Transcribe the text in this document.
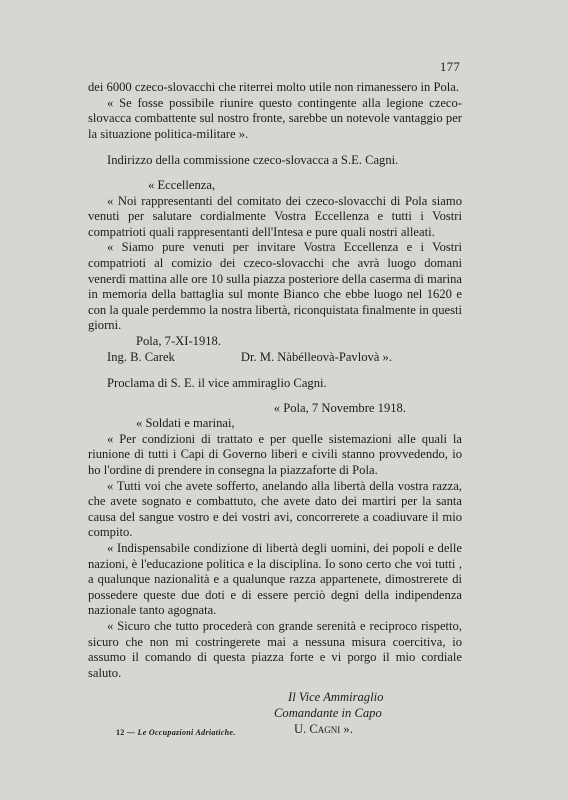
177

dei 6000 czeco-slovacchi che riterrei molto utile non rimanessero in Pola.

« Se fosse possibile riunire questo contingente alla legione czeco-slovacca combattente sul nostro fronte, sarebbe un notevole vantaggio per la situazione politica-militare ».

Indirizzo della commissione czeco-slovacca a S.E. Cagni.

« Eccellenza,

« Noi rappresentanti del comitato dei czeco-slovacchi di Pola siamo venuti per salutare cordialmente Vostra Eccellenza e tutti i Vostri compatrioti quali rappresentanti dell'Intesa e pure quali nostri alleati.

« Siamo pure venuti per invitare Vostra Eccellenza e i Vostri compatrioti al comizio dei czeco-slovacchi che avrà luogo domani venerdì mattina alle ore 10 sulla piazza posteriore della caserma di marina in memoria della battaglia sul monte Bianco che ebbe luogo nel 1620 e con la quale perdemmo la nostra libertà, riconquistata finalmente in questi giorni.

Pola, 7-XI-1918.

Ing. B. Carek	Dr. M. Nàbélleovà-Pavlovà ».

Proclama di S. E. il vice ammiraglio Cagni.

« Pola, 7 Novembre 1918.

« Soldati e marinai,

« Per condizioni di trattato e per quelle sistemazioni alle quali la riunione di tutti i Capi di Governo liberi e civili stanno provvedendo, io ho l'ordine di prendere in consegna la piazzaforte di Pola.

« Tutti voi che avete sofferto, anelando alla libertà della vostra razza, che avete sognato e combattuto, che avete dato dei martiri per la santa causa del sangue vostro e dei vostri avi, concorrerete a coadiuvare il mio compito.

« Indispensabile condizione di libertà degli uomini, dei popoli e delle nazioni, è l'educazione politica e la disciplina. Io sono certo che voi tutti , a qualunque nazionalità e a qualunque razza appartenete, dimostrerete di possedere queste due doti e di essere perciò degni della indipendenza nazionale tanto agognata.

« Sicuro che tutto procederà con grande serenità e reciproco rispetto, sicuro che non mi costringerete mai a nessuna misura coercitiva, io assumo il comando di questa piazza forte e vi porgo il mio cordiale saluto.

Il Vice Ammiraglio

Comandante in Capo

U. Cagni ».

12 — Le Occupazioni Adriatiche.
